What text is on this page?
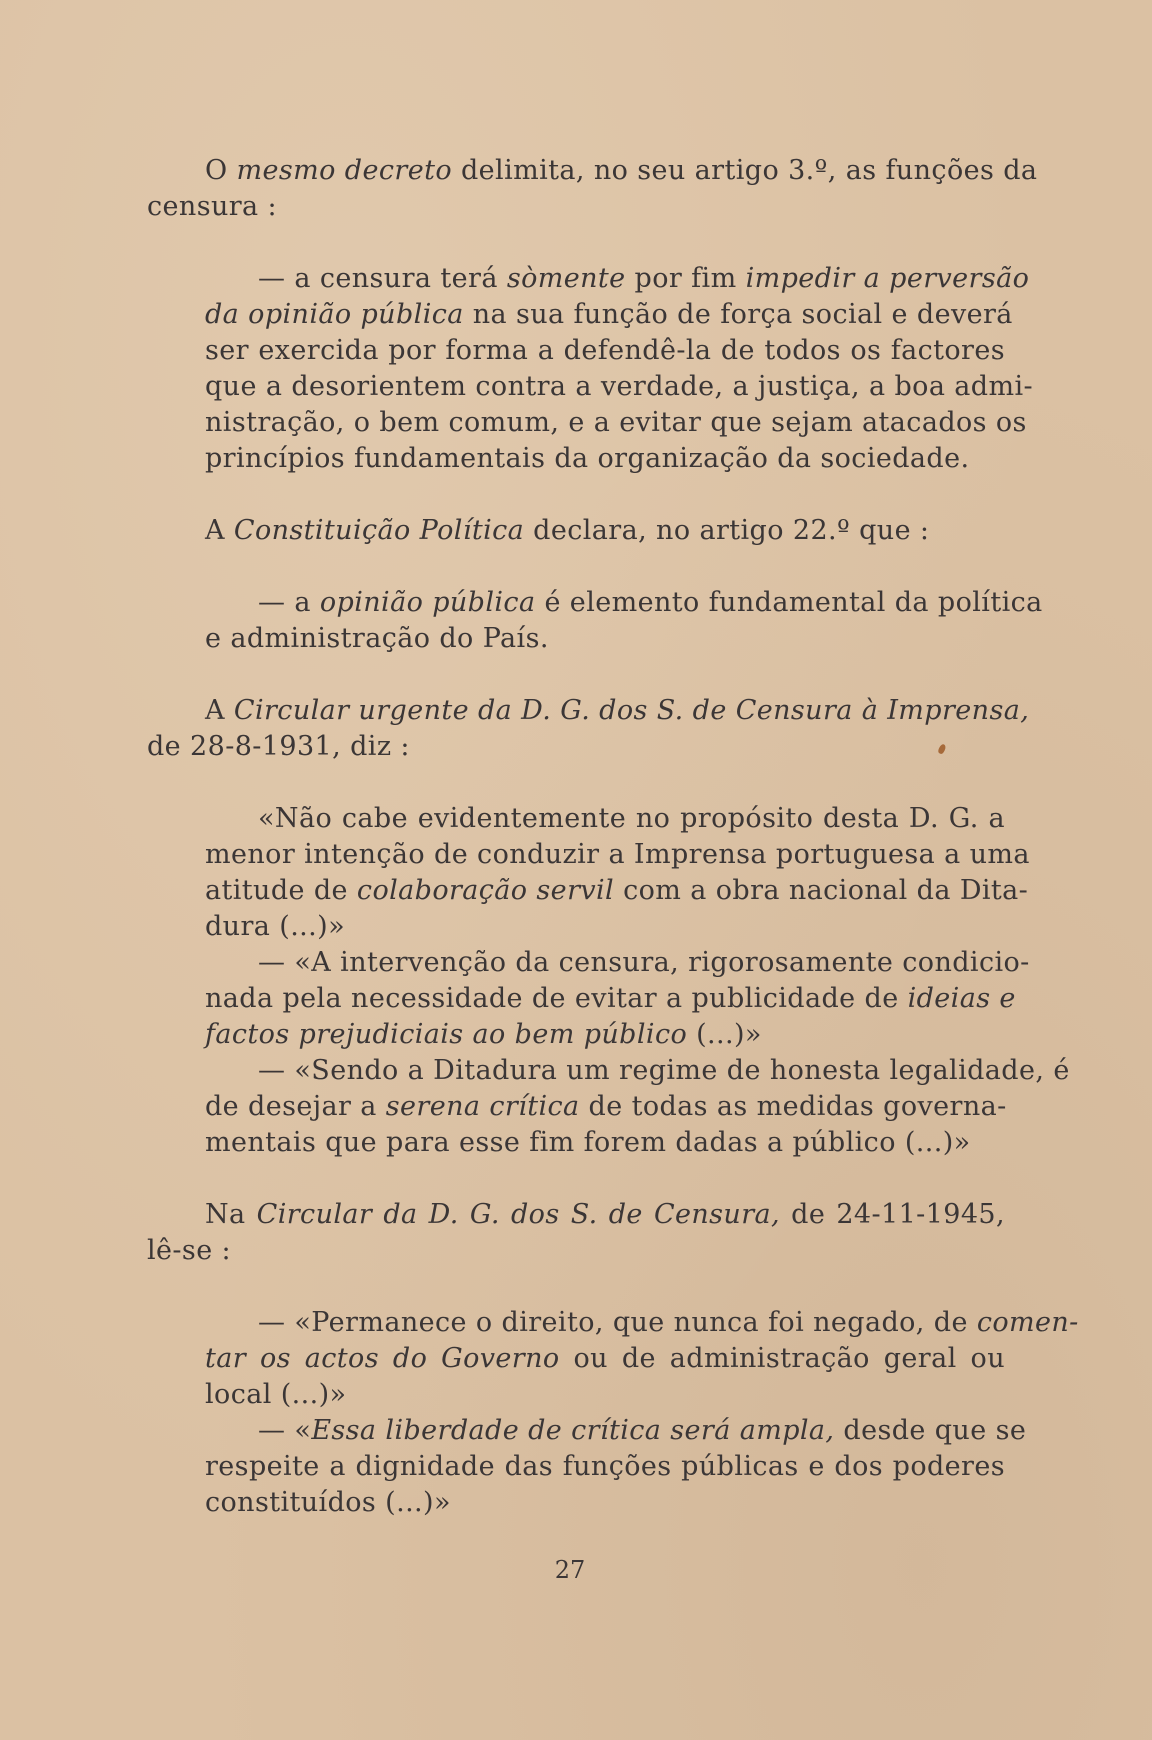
O mesmo decreto delimita, no seu artigo 3.º, as funções da
censura :
— a censura terá sòmente por fim impedir a perversão
da opinião pública na sua função de força social e deverá
ser exercida por forma a defendê-la de todos os factores
que a desorientem contra a verdade, a justiça, a boa admi-
nistração, o bem comum, e a evitar que sejam atacados os
princípios fundamentais da organização da sociedade.
A Constituição Política declara, no artigo 22.º que :
— a opinião pública é elemento fundamental da política
e administração do País.
A Circular urgente da D. G. dos S. de Censura à Imprensa,
de 28-8-1931, diz :
«Não cabe evidentemente no propósito desta D. G. a
menor intenção de conduzir a Imprensa portuguesa a uma
atitude de colaboração servil com a obra nacional da Dita-
dura (...)»
— «A intervenção da censura, rigorosamente condicio-
nada pela necessidade de evitar a publicidade de ideias e
factos prejudiciais ao bem público (...)»
— «Sendo a Ditadura um regime de honesta legalidade, é
de desejar a serena crítica de todas as medidas governa-
mentais que para esse fim forem dadas a público (...)»
Na Circular da D. G. dos S. de Censura, de 24-11-1945,
lê-se :
— «Permanece o direito, que nunca foi negado, de comen-
tar os actos do Governo ou de administração geral ou
local (...)»
— «Essa liberdade de crítica será ampla, desde que se
respeite a dignidade das funções públicas e dos poderes
constituídos (...)»
27
